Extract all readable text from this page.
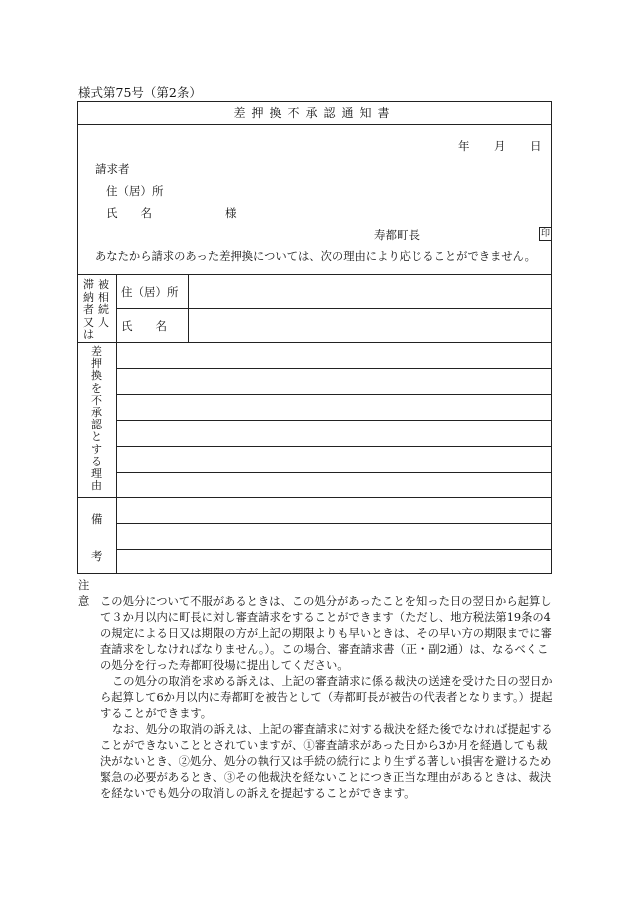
様式第75号（第2条）
差押換不承認通知書
年 月 日
請求者
住（居）所
氏　　名	様
寿都町長	印
あなたから請求のあった差押換については、次の理由により応じることができません。
滞納者又は
被相続人
住（居）所
氏　　名
差押換を不承認とする理由
備
考

注意 この処分について不服があるときは、この処分があったことを知った日の翌日から起算して３か月以内に町長に対し審査請求をすることができます（ただし、地方税法第19条の4の規定による日又は期限の方が上記の期限よりも早いときは、その早い方の期限までに審査請求をしなければなりません。）。この場合、審査請求書（正・副2通）は、なるべくこの処分を行った寿都町役場に提出してください。

この処分の取消を求める訴えは、上記の審査請求に係る裁決の送達を受けた日の翌日から起算して6か月以内に寿都町を被告として（寿都町長が被告の代表者となります。）提起することができます。

なお、処分の取消の訴えは、上記の審査請求に対する裁決を経た後でなければ提起することができないこととされていますが、①審査請求があった日から3か月を経過しても裁決がないとき、②処分、処分の執行又は手続の続行により生ずる著しい損害を避けるため緊急の必要があるとき、③その他裁決を経ないことにつき正当な理由があるときは、裁決を経ないでも処分の取消しの訴えを提起することができます。
